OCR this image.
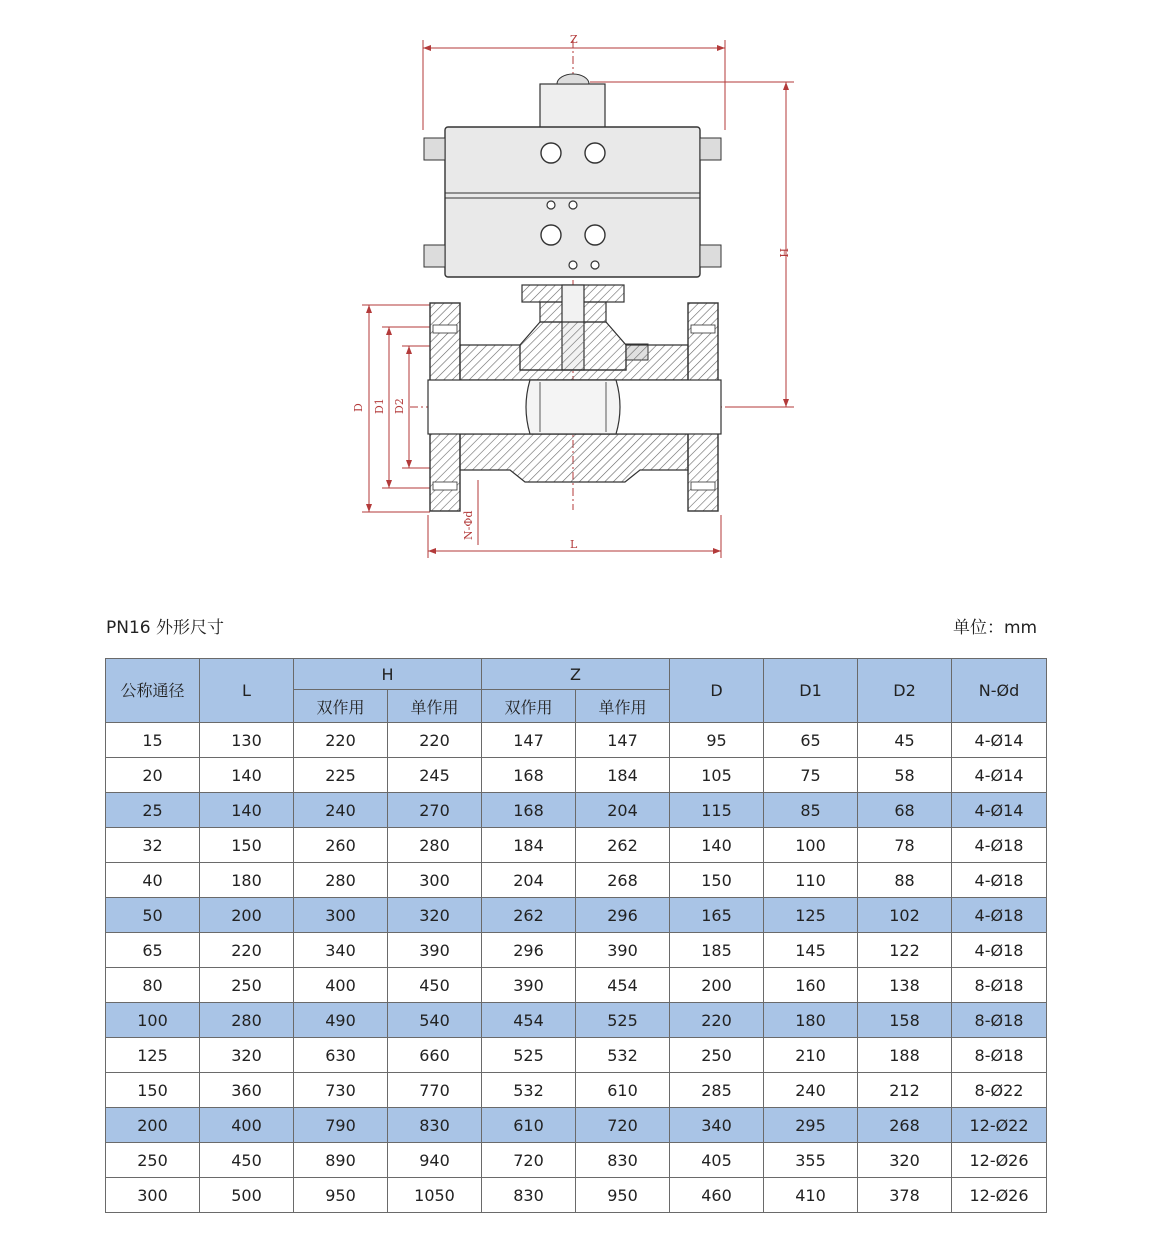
Z
H
D D1 D2
N-Φd
L
PN16 外形尺寸	单位：mm
公称通径	L	H		Z		D	D1	D2	N-Ød
		双作用	单作用	双作用	单作用				
15	130	220	220	147	147	95	65	45	4-Ø14
20	140	225	245	168	184	105	75	58	4-Ø14
25	140	240	270	168	204	115	85	68	4-Ø14
32	150	260	280	184	262	140	100	78	4-Ø18
40	180	280	300	204	268	150	110	88	4-Ø18
50	200	300	320	262	296	165	125	102	4-Ø18
65	220	340	390	296	390	185	145	122	4-Ø18
80	250	400	450	390	454	200	160	138	8-Ø18
100	280	490	540	454	525	220	180	158	8-Ø18
125	320	630	660	525	532	250	210	188	8-Ø18
150	360	730	770	532	610	285	240	212	8-Ø22
200	400	790	830	610	720	340	295	268	12-Ø22
250	450	890	940	720	830	405	355	320	12-Ø26
300	500	950	1050	830	950	460	410	378	12-Ø26
